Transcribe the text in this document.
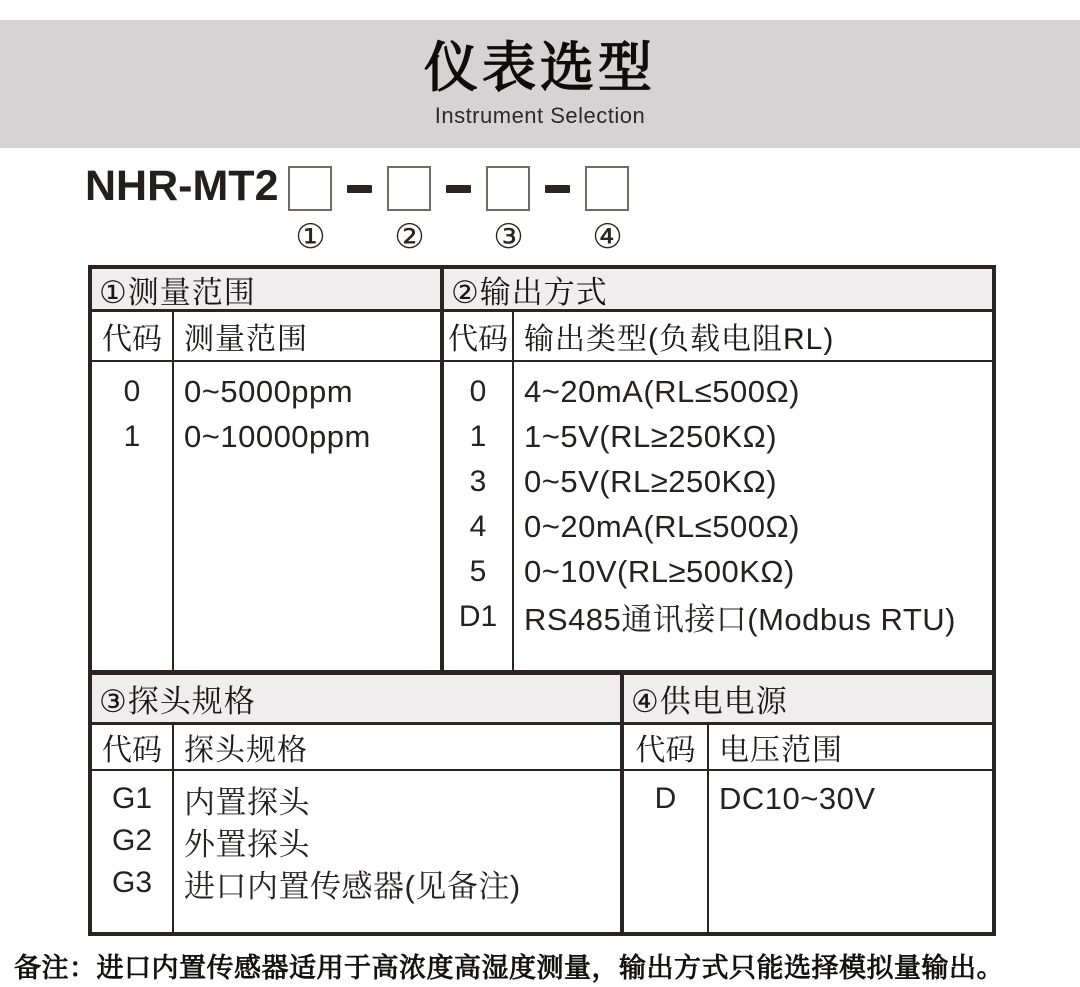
仪表选型
Instrument Selection
NHR-MT2
① ② ③ ④
①测量范围
代码 测量范围
0
1
0~5000ppm
0~10000ppm
②输出方式
代码 输出类型(负载电阻RL)
0
1
3
4
5
D1
4~20mA(RL≤500Ω)
1~5V(RL≥250KΩ)
0~5V(RL≥250KΩ)
0~20mA(RL≤500Ω)
0~10V(RL≥500KΩ)
RS485通讯接口(Modbus RTU)
③探头规格
代码 探头规格
G1
G2
G3
内置探头
外置探头
进口内置传感器(见备注)
④供电电源
代码 电压范围
D	DC10~30V
备注：进口内置传感器适用于高浓度高湿度测量，输出方式只能选择模拟量输出。
